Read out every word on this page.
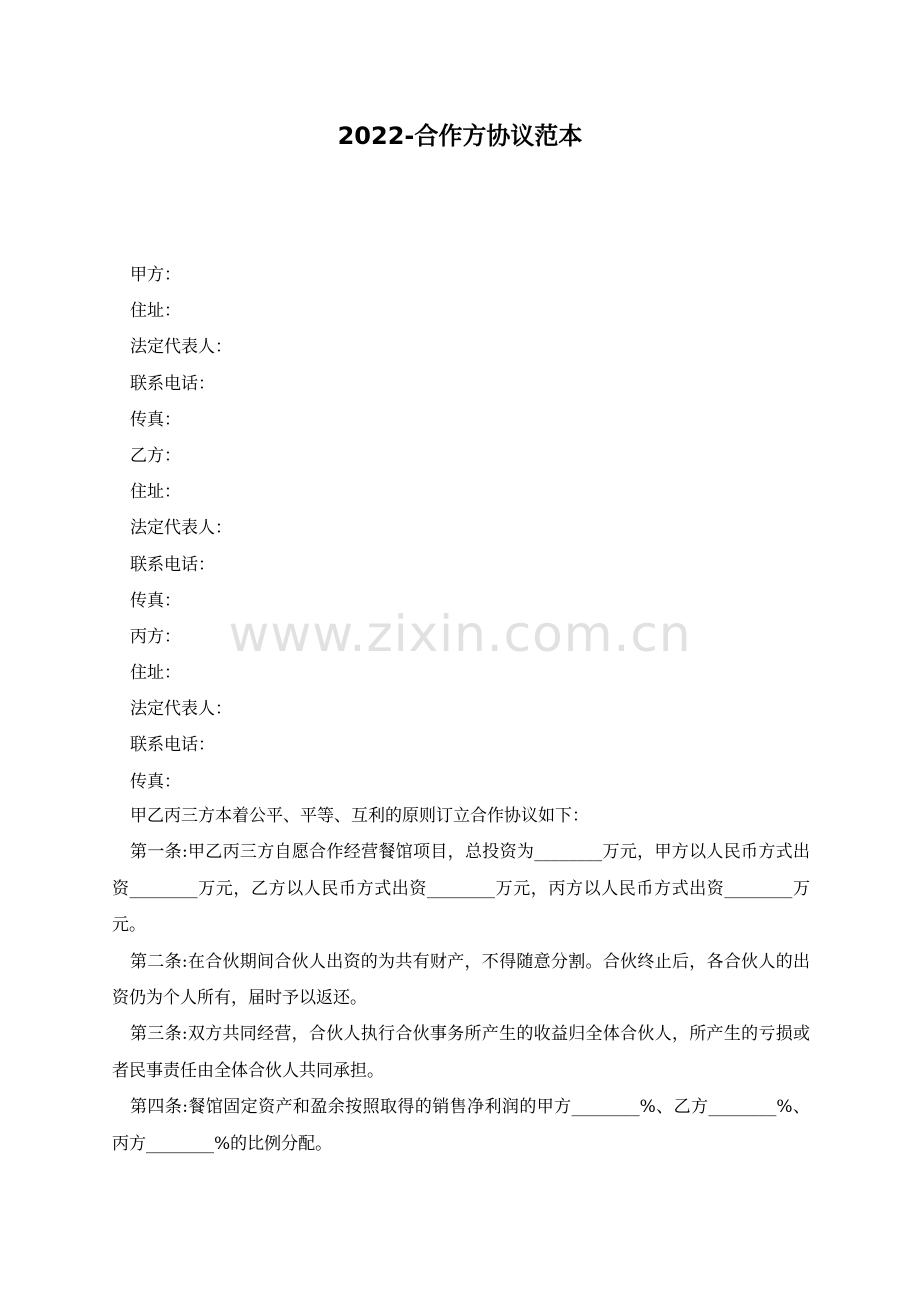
2022-合作方协议范本
甲方：
住址：
法定代表人：
联系电话：
传真：
乙方：
住址：
法定代表人：
联系电话：
传真：
丙方：
住址：
法定代表人：
联系电话：
传真：

甲乙丙三方本着公平、平等、互利的原则订立合作协议如下：

第一条:甲乙丙三方自愿合作经营餐馆项目，总投资为________万元，甲方以人民币方式出资________万元，乙方以人民币方式出资________万元，丙方以人民币方式出资________万元。

第二条:在合伙期间合伙人出资的为共有财产，不得随意分割。合伙终止后，各合伙人的出资仍为个人所有，届时予以返还。

第三条:双方共同经营，合伙人执行合伙事务所产生的收益归全体合伙人，所产生的亏损或者民事责任由全体合伙人共同承担。

第四条:餐馆固定资产和盈余按照取得的销售净利润的甲方________%、乙方________%、丙方________%的比例分配。

www.zixin.com.cn
